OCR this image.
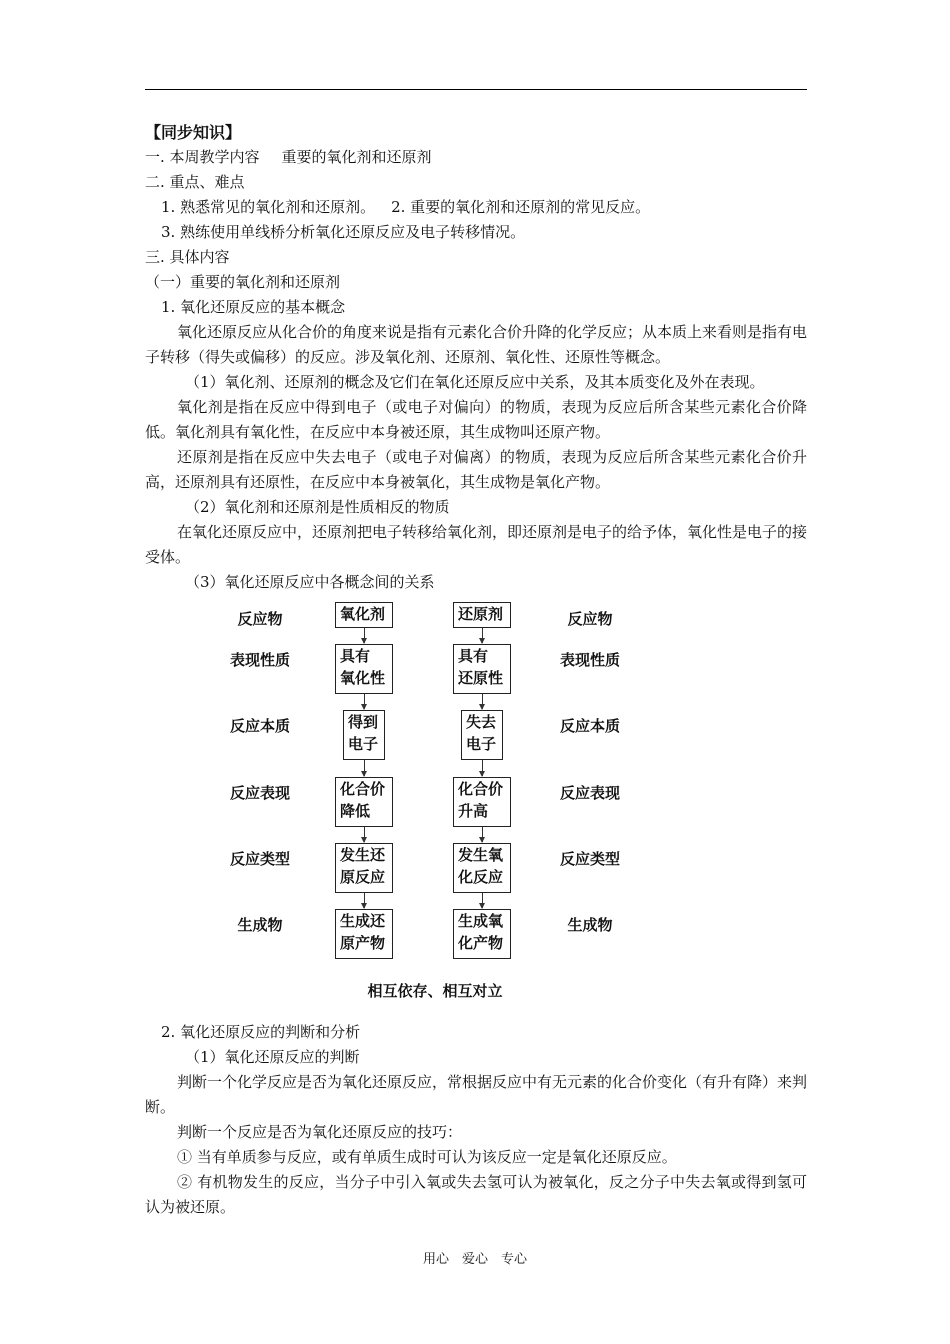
【同步知识】
一. 本周教学内容 重要的氧化剂和还原剂
二. 重点、难点
1. 熟悉常见的氧化剂和还原剂。 2. 重要的氧化剂和还原剂的常见反应。
3. 熟练使用单线桥分析氧化还原反应及电子转移情况。
三. 具体内容
（一）重要的氧化剂和还原剂
1. 氧化还原反应的基本概念
氧化还原反应从化合价的角度来说是指有元素化合价升降的化学反应；从本质上来看则是指有电子转移（得失或偏移）的反应。涉及氧化剂、还原剂、氧化性、还原性等概念。
（1）氧化剂、还原剂的概念及它们在氧化还原反应中关系，及其本质变化及外在表现。
氧化剂是指在反应中得到电子（或电子对偏向）的物质，表现为反应后所含某些元素化合价降低。氧化剂具有氧化性，在反应中本身被还原，其生成物叫还原产物。
还原剂是指在反应中失去电子（或电子对偏离）的物质，表现为反应后所含某些元素化合价升高，还原剂具有还原性，在反应中本身被氧化，其生成物是氧化产物。
（2）氧化剂和还原剂是性质相反的物质
在氧化还原反应中，还原剂把电子转移给氧化剂，即还原剂是电子的给予体，氧化性是电子的接受体。
（3）氧化还原反应中各概念间的关系
反应物
表现性质
反应本质
反应表现
反应类型
生成物
反应物
表现性质
反应本质
反应表现
反应类型
生成物
氧化剂
具有
氧化性
得到
电子
化合价
降低
发生还
原反应
生成还
原产物
还原剂
具有
还原性
失去
电子
化合价
升高
发生氧
化反应
生成氧
化产物
相互依存、相互对立
2. 氧化还原反应的判断和分析
（1）氧化还原反应的判断
判断一个化学反应是否为氧化还原反应，常根据反应中有无元素的化合价变化（有升有降）来判断。
判断一个反应是否为氧化还原反应的技巧：
① 当有单质参与反应，或有单质生成时可认为该反应一定是氧化还原反应。
② 有机物发生的反应，当分子中引入氧或失去氢可认为被氧化，反之分子中失去氧或得到氢可认为被还原。
用心　爱心　专心
